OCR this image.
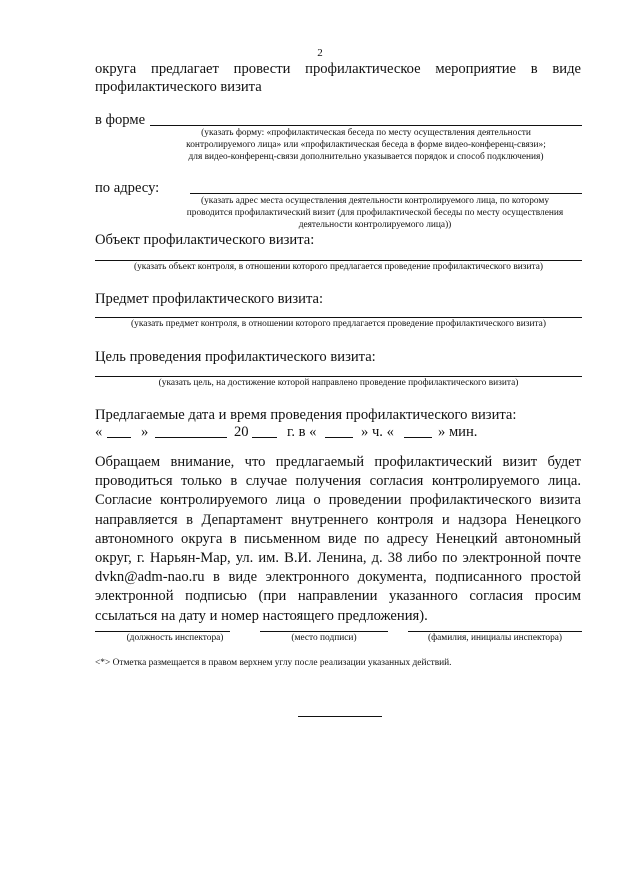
2
округа предлагает провести профилактическое мероприятие в виде
профилактического визита
в форме
(указать форму: «профилактическая беседа по месту осуществления деятельности
контролируемого лица» или «профилактическая беседа в форме видео-конференц-связи»;
для видео-конференц-связи дополнительно указывается порядок и способ подключения)
по адресу:
(указать адрес места осуществления деятельности контролируемого лица, по которому
проводится профилактический визит (для профилактической беседы по месту осуществления
деятельности контролируемого лица))
Объект профилактического визита:
(указать объект контроля, в отношении которого предлагается проведение профилактического визита)
Предмет профилактического визита:
(указать предмет контроля, в отношении которого предлагается проведение профилактического визита)
Цель проведения профилактического визита:
(указать цель, на достижение которой направлено проведение профилактического визита)
Предлагаемые дата и время проведения профилактического визита:
«	»	20	г. в «	» ч. «	» мин.
Обращаем внимание, что предлагаемый профилактический визит будет
проводиться только в случае получения согласия контролируемого лица.
Согласие контролируемого лица о проведении профилактического визита
направляется в Департамент внутреннего контроля и надзора Ненецкого
автономного округа в письменном виде по адресу Ненецкий автономный
округ, г. Нарьян-Мар, ул. им. В.И. Ленина, д. 38 либо по электронной почте
dvkn@adm-nao.ru в виде электронного документа, подписанного простой
электронной подписью (при направлении указанного согласия просим
ссылаться на дату и номер настоящего предложения).
(должность инспектора)	(место подписи)	(фамилия, инициалы инспектора)
<*> Отметка размещается в правом верхнем углу после реализации указанных действий.
